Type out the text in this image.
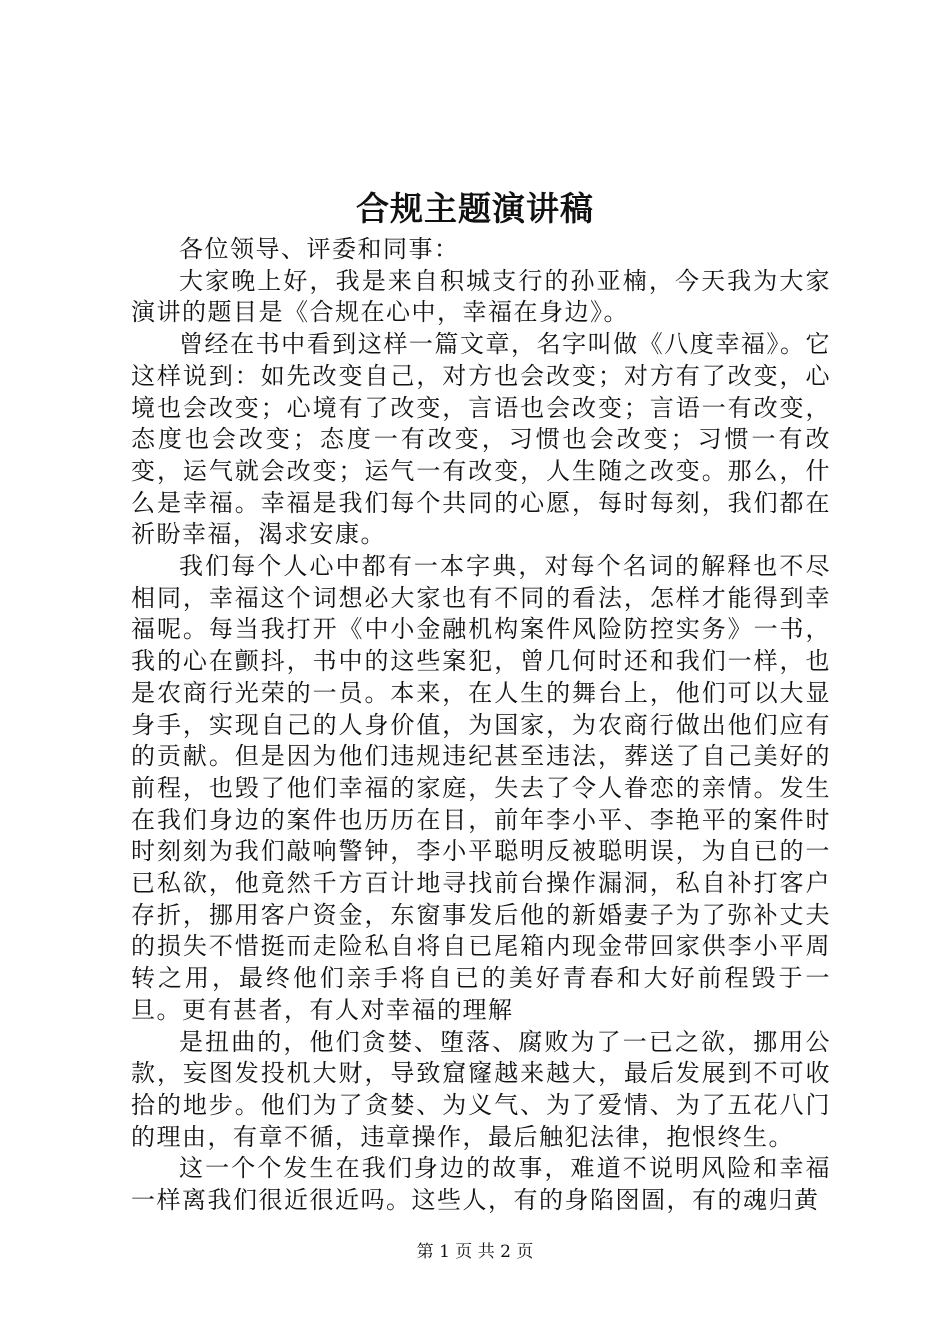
合规主题演讲稿

各位领导、评委和同事：

大家晚上好，我是来自积城支行的孙亚楠，今天我为大家演讲的题目是《合规在心中，幸福在身边》。

曾经在书中看到这样一篇文章，名字叫做《八度幸福》。它这样说到：如先改变自己，对方也会改变；对方有了改变，心境也会改变；心境有了改变，言语也会改变；言语一有改变，态度也会改变；态度一有改变，习惯也会改变；习惯一有改变，运气就会改变；运气一有改变，人生随之改变。那么，什么是幸福。幸福是我们每个共同的心愿，每时每刻，我们都在祈盼幸福，渴求安康。

我们每个人心中都有一本字典，对每个名词的解释也不尽相同，幸福这个词想必大家也有不同的看法，怎样才能得到幸福呢。每当我打开《中小金融机构案件风险防控实务》一书，我的心在颤抖，书中的这些案犯，曾几何时还和我们一样，也是农商行光荣的一员。本来，在人生的舞台上，他们可以大显身手，实现自己的人身价值，为国家，为农商行做出他们应有的贡献。但是因为他们违规违纪甚至违法，葬送了自己美好的前程，也毁了他们幸福的家庭，失去了令人眷恋的亲情。发生在我们身边的案件也历历在目，前年李小平、李艳平的案件时时刻刻为我们敲响警钟，李小平聪明反被聪明误，为自已的一已私欲，他竟然千方百计地寻找前台操作漏洞，私自补打客户存折，挪用客户资金，东窗事发后他的新婚妻子为了弥补丈夫的损失不惜挺而走险私自将自已尾箱内现金带回家供李小平周转之用，最终他们亲手将自已的美好青春和大好前程毁于一旦。更有甚者，有人对幸福的理解

是扭曲的，他们贪婪、堕落、腐败为了一已之欲，挪用公款，妄图发投机大财，导致窟窿越来越大，最后发展到不可收拾的地步。他们为了贪婪、为义气、为了爱情、为了五花八门的理由，有章不循，违章操作，最后触犯法律，抱恨终生。

这一个个发生在我们身边的故事，难道不说明风险和幸福一样离我们很近很近吗。这些人，有的身陷囹圄，有的魂归黄

第 1 页 共 2 页
